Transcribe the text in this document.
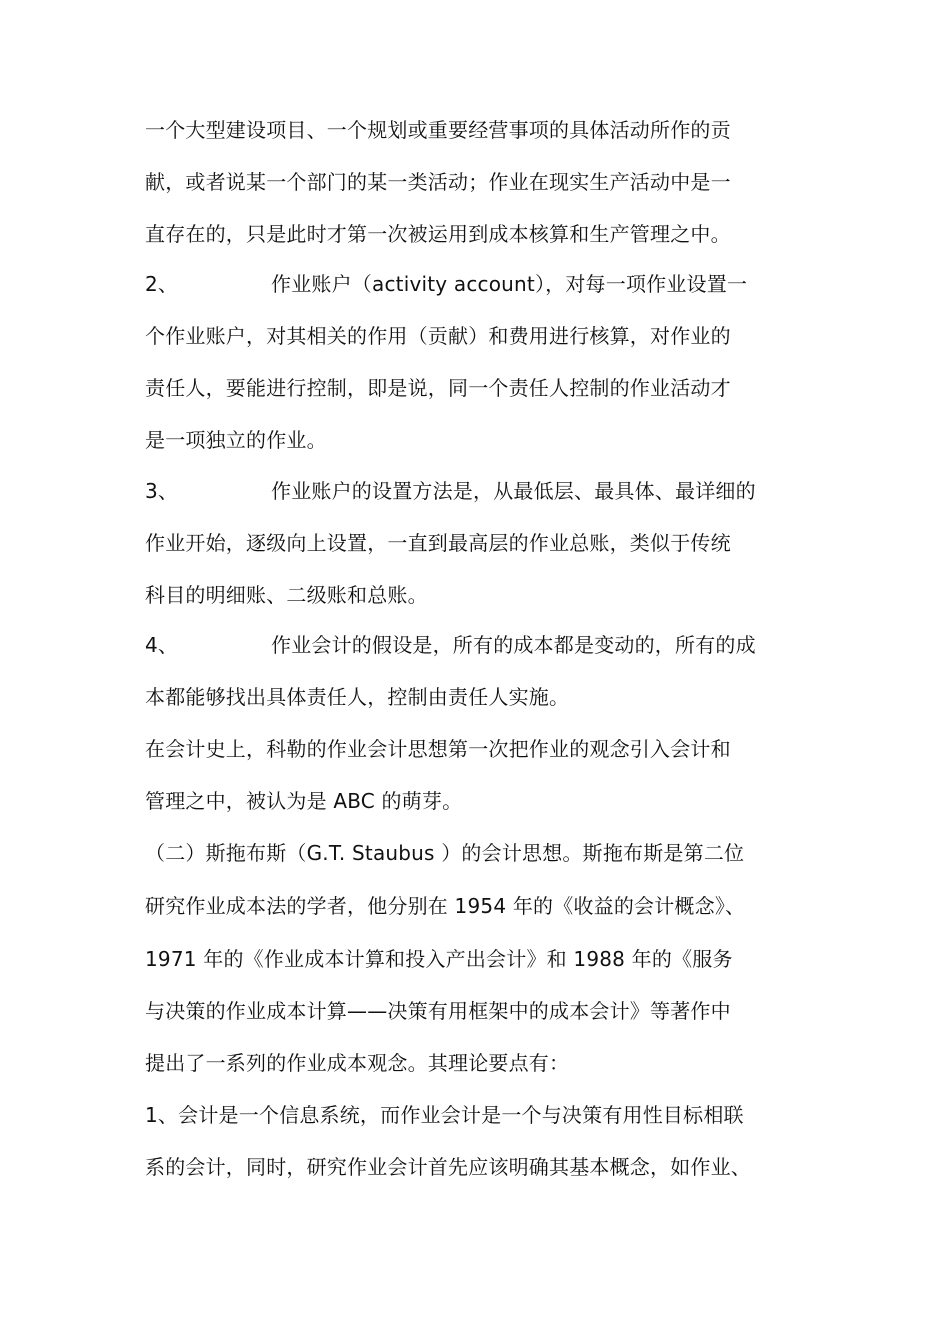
一个大型建设项目、一个规划或重要经营事项的具体活动所作的贡
献，或者说某一个部门的某一类活动；作业在现实生产活动中是一
直存在的，只是此时才第一次被运用到成本核算和生产管理之中。
2、	作业账户（activity account），对每一项作业设置一
个作业账户，对其相关的作用（贡献）和费用进行核算，对作业的
责任人，要能进行控制，即是说，同一个责任人控制的作业活动才
是一项独立的作业。
3、	作业账户的设置方法是，从最低层、最具体、最详细的
作业开始，逐级向上设置，一直到最高层的作业总账，类似于传统
科目的明细账、二级账和总账。
4、	作业会计的假设是，所有的成本都是变动的，所有的成
本都能够找出具体责任人，控制由责任人实施。
在会计史上，科勒的作业会计思想第一次把作业的观念引入会计和
管理之中，被认为是 ABC 的萌芽。
（二）斯拖布斯（G.T. Staubus ）的会计思想。斯拖布斯是第二位
研究作业成本法的学者，他分别在 1954 年的《收益的会计概念》、
1971 年的《作业成本计算和投入产出会计》和 1988 年的《服务
与决策的作业成本计算——决策有用框架中的成本会计》等著作中
提出了一系列的作业成本观念。其理论要点有：
1、会计是一个信息系统，而作业会计是一个与决策有用性目标相联
系的会计，同时，研究作业会计首先应该明确其基本概念，如作业、
